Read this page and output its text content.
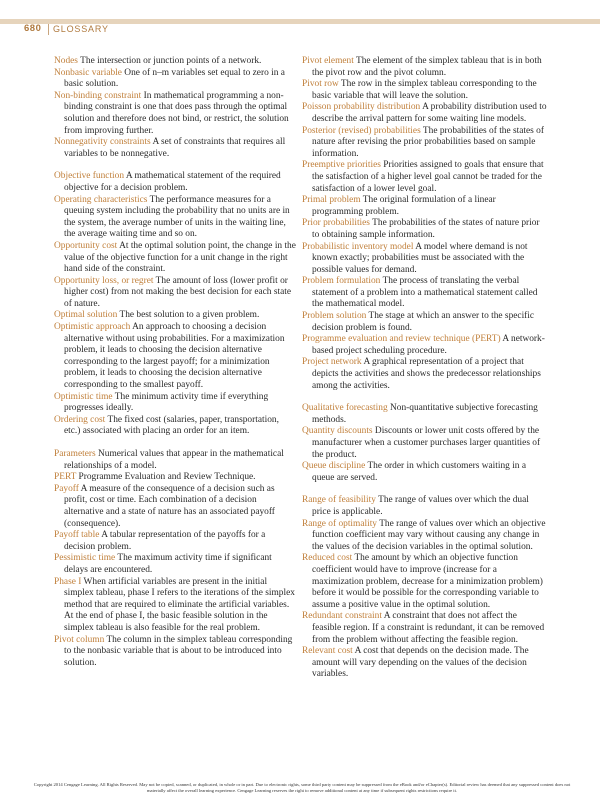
680 GLOSSARY

Nodes The intersection or junction points of a network.

Nonbasic variable One of n–m variables set equal to zero in a basic solution.

Non-binding constraint In mathematical programming a non-binding constraint is one that does pass through the optimal solution and therefore does not bind, or restrict, the solution from improving further.

Nonnegativity constraints A set of constraints that requires all variables to be nonnegative.

Objective function A mathematical statement of the required objective for a decision problem.

Operating characteristics The performance measures for a queuing system including the probability that no units are in the system, the average number of units in the waiting line, the average waiting time and so on.

Opportunity cost At the optimal solution point, the change in the value of the objective function for a unit change in the right hand side of the constraint.

Opportunity loss, or regret The amount of loss (lower profit or higher cost) from not making the best decision for each state of nature.

Optimal solution The best solution to a given problem.

Optimistic approach An approach to choosing a decision alternative without using probabilities. For a maximization problem, it leads to choosing the decision alternative corresponding to the largest payoff; for a minimization problem, it leads to choosing the decision alternative corresponding to the smallest payoff.

Optimistic time The minimum activity time if everything progresses ideally.

Ordering cost The fixed cost (salaries, paper, transportation, etc.) associated with placing an order for an item.

Parameters Numerical values that appear in the mathematical relationships of a model.

PERT Programme Evaluation and Review Technique.

Payoff A measure of the consequence of a decision such as profit, cost or time. Each combination of a decision alternative and a state of nature has an associated payoff (consequence).

Payoff table A tabular representation of the payoffs for a decision problem.

Pessimistic time The maximum activity time if significant delays are encountered.

Phase I When artificial variables are present in the initial simplex tableau, phase I refers to the iterations of the simplex method that are required to eliminate the artificial variables. At the end of phase I, the basic feasible solution in the simplex tableau is also feasible for the real problem.

Pivot column The column in the simplex tableau corresponding to the nonbasic variable that is about to be introduced into solution.

Pivot element The element of the simplex tableau that is in both the pivot row and the pivot column.

Pivot row The row in the simplex tableau corresponding to the basic variable that will leave the solution.

Poisson probability distribution A probability distribution used to describe the arrival pattern for some waiting line models.

Posterior (revised) probabilities The probabilities of the states of nature after revising the prior probabilities based on sample information.

Preemptive priorities Priorities assigned to goals that ensure that the satisfaction of a higher level goal cannot be traded for the satisfaction of a lower level goal.

Primal problem The original formulation of a linear programming problem.

Prior probabilities The probabilities of the states of nature prior to obtaining sample information.

Probabilistic inventory model A model where demand is not known exactly; probabilities must be associated with the possible values for demand.

Problem formulation The process of translating the verbal statement of a problem into a mathematical statement called the mathematical model.

Problem solution The stage at which an answer to the specific decision problem is found.

Programme evaluation and review technique (PERT) A network-based project scheduling procedure.

Project network A graphical representation of a project that depicts the activities and shows the predecessor relationships among the activities.

Qualitative forecasting Non-quantitative subjective forecasting methods.

Quantity discounts Discounts or lower unit costs offered by the manufacturer when a customer purchases larger quantities of the product.

Queue discipline The order in which customers waiting in a queue are served.

Range of feasibility The range of values over which the dual price is applicable.

Range of optimality The range of values over which an objective function coefficient may vary without causing any change in the values of the decision variables in the optimal solution.

Reduced cost The amount by which an objective function coefficient would have to improve (increase for a maximization problem, decrease for a minimization problem) before it would be possible for the corresponding variable to assume a positive value in the optimal solution.

Redundant constraint A constraint that does not affect the feasible region. If a constraint is redundant, it can be removed from the problem without affecting the feasible region.

Relevant cost A cost that depends on the decision made. The amount will vary depending on the values of the decision variables.

Copyright 2014 Cengage Learning. All Rights Reserved. May not be copied, scanned, or duplicated, in whole or in part. Due to electronic rights, some third party content may be suppressed from the eBook and/or eChapter(s). Editorial review has deemed that any suppressed content does not materially affect the overall learning experience. Cengage Learning reserves the right to remove additional content at any time if subsequent rights restrictions require it.
